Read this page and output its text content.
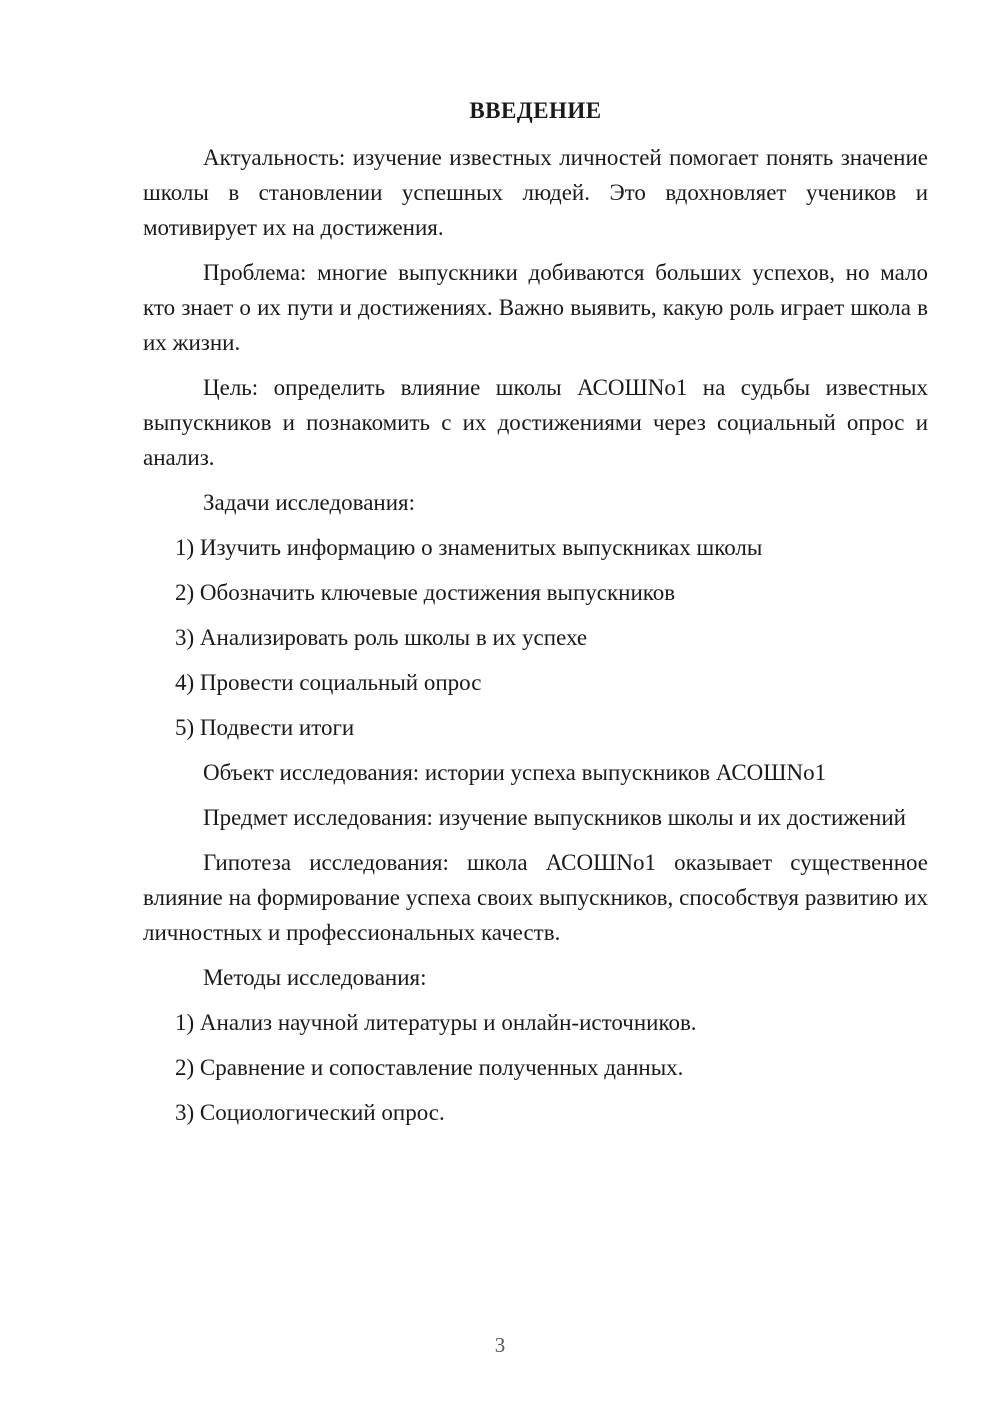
ВВЕДЕНИЕ

Актуальность: изучение известных личностей помогает понять значение школы в становлении успешных людей. Это вдохновляет учеников и мотивирует их на достижения.

Проблема: многие выпускники добиваются больших успехов, но мало кто знает о их пути и достижениях. Важно выявить, какую роль играет школа в их жизни.

Цель: определить влияние школы АСОШNo1 на судьбы известных выпускников и познакомить с их достижениями через социальный опрос и анализ.

Задачи исследования:
1) Изучить информацию о знаменитых выпускниках школы
2) Обозначить ключевые достижения выпускников
3) Анализировать роль школы в их успехе
4) Провести социальный опрос
5) Подвести итоги
Объект исследования: истории успеха выпускников АСОШNo1

Предмет исследования: изучение выпускников школы и их достижений

Гипотеза исследования: школа АСОШNo1 оказывает существенное влияние на формирование успеха своих выпускников, способствуя развитию их личностных и профессиональных качеств.

Методы исследования:
1) Анализ научной литературы и онлайн-источников.
2) Сравнение и сопоставление полученных данных.
3) Социологический опрос.
3
